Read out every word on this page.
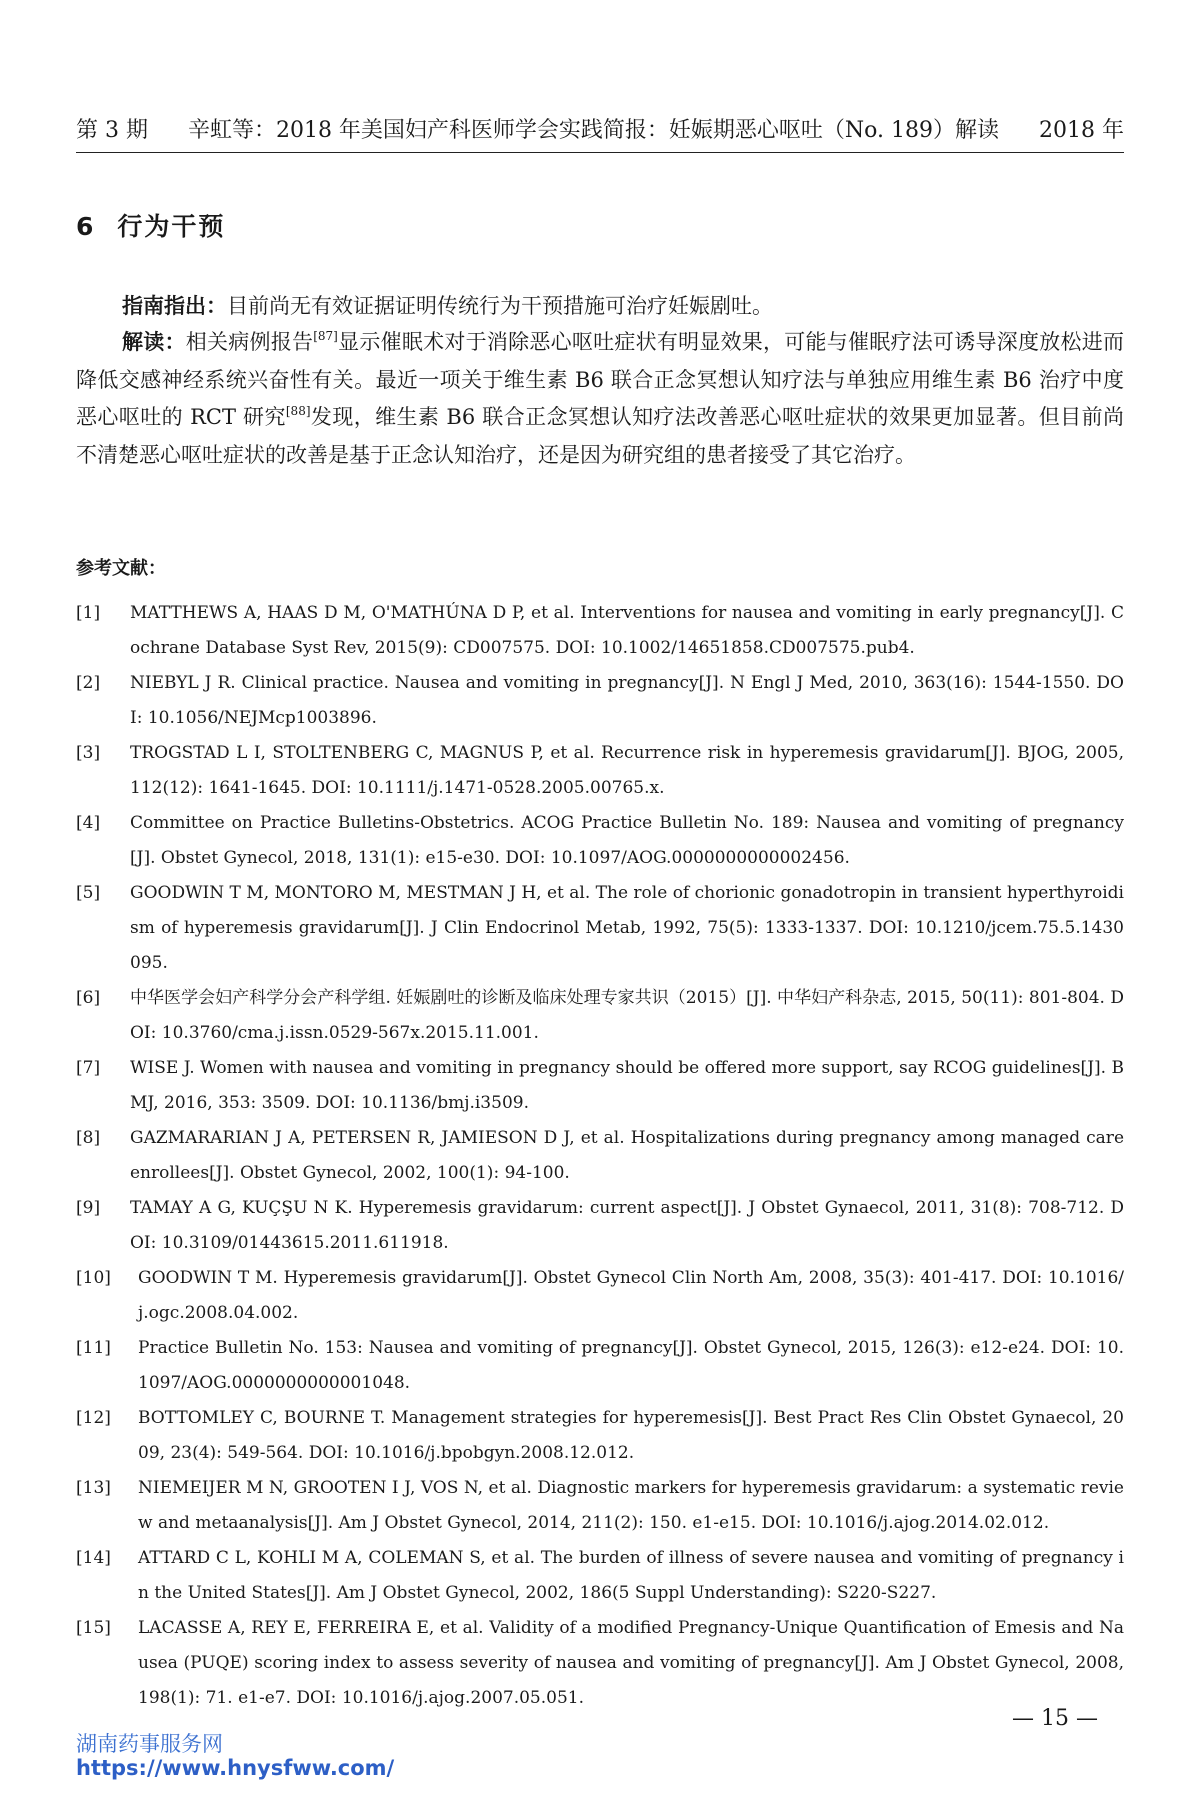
第 3 期 辛虹等：2018 年美国妇产科医师学会实践简报：妊娠期恶心呕吐（No. 189）解读 2018 年
6 行为干预
指南指出：目前尚无有效证据证明传统行为干预措施可治疗妊娠剧吐。
解读：相关病例报告[87]显示催眠术对于消除恶心呕吐症状有明显效果，可能与催眠疗法可诱导深度放松进而降低交感神经系统兴奋性有关。最近一项关于维生素 B6 联合正念冥想认知疗法与单独应用维生素 B6 治疗中度恶心呕吐的 RCT 研究[88]发现，维生素 B6 联合正念冥想认知疗法改善恶心呕吐症状的效果更加显著。但目前尚不清楚恶心呕吐症状的改善是基于正念认知治疗，还是因为研究组的患者接受了其它治疗。
参考文献：
[1]	MATTHEWS A, HAAS D M, O'MATHÚNA D P, et al. Interventions for nausea and vomiting in early pregnancy[J]. Cochrane Database Syst Rev, 2015(9): CD007575. DOI: 10.1002/14651858.CD007575.pub4.
[2]	NIEBYL J R. Clinical practice. Nausea and vomiting in pregnancy[J]. N Engl J Med, 2010, 363(16): 1544-1550. DOI: 10.1056/NEJMcp1003896.
[3]	TROGSTAD L I, STOLTENBERG C, MAGNUS P, et al. Recurrence risk in hyperemesis gravidarum[J]. BJOG, 2005, 112(12): 1641-1645. DOI: 10.1111/j.1471-0528.2005.00765.x.
[4]	Committee on Practice Bulletins-Obstetrics. ACOG Practice Bulletin No. 189: Nausea and vomiting of pregnancy[J]. Obstet Gynecol, 2018, 131(1): e15-e30. DOI: 10.1097/AOG.0000000000002456.
[5]	GOODWIN T M, MONTORO M, MESTMAN J H, et al. The role of chorionic gonadotropin in transient hyperthyroidism of hyperemesis gravidarum[J]. J Clin Endocrinol Metab, 1992, 75(5): 1333-1337. DOI: 10.1210/jcem.75.5.1430095.
[6]	中华医学会妇产科学分会产科学组. 妊娠剧吐的诊断及临床处理专家共识（2015）[J]. 中华妇产科杂志, 2015, 50(11): 801-804. DOI: 10.3760/cma.j.issn.0529-567x.2015.11.001.
[7]	WISE J. Women with nausea and vomiting in pregnancy should be offered more support, say RCOG guidelines[J]. BMJ, 2016, 353: 3509. DOI: 10.1136/bmj.i3509.
[8]	GAZMARARIAN J A, PETERSEN R, JAMIESON D J, et al. Hospitalizations during pregnancy among managed care enrollees[J]. Obstet Gynecol, 2002, 100(1): 94-100.
[9]	TAMAY A G, KUÇŞU N K. Hyperemesis gravidarum: current aspect[J]. J Obstet Gynaecol, 2011, 31(8): 708-712. DOI: 10.3109/01443615.2011.611918.
[10]	GOODWIN T M. Hyperemesis gravidarum[J]. Obstet Gynecol Clin North Am, 2008, 35(3): 401-417. DOI: 10.1016/j.ogc.2008.04.002.
[11]	Practice Bulletin No. 153: Nausea and vomiting of pregnancy[J]. Obstet Gynecol, 2015, 126(3): e12-e24. DOI: 10.1097/AOG.0000000000001048.
[12]	BOTTOMLEY C, BOURNE T. Management strategies for hyperemesis[J]. Best Pract Res Clin Obstet Gynaecol, 2009, 23(4): 549-564. DOI: 10.1016/j.bpobgyn.2008.12.012.
[13]	NIEMEIJER M N, GROOTEN I J, VOS N, et al. Diagnostic markers for hyperemesis gravidarum: a systematic review and metaanalysis[J]. Am J Obstet Gynecol, 2014, 211(2): 150. e1-e15. DOI: 10.1016/j.ajog.2014.02.012.
[14]	ATTARD C L, KOHLI M A, COLEMAN S, et al. The burden of illness of severe nausea and vomiting of pregnancy in the United States[J]. Am J Obstet Gynecol, 2002, 186(5 Suppl Understanding): S220-S227.
[15]	LACASSE A, REY E, FERREIRA E, et al. Validity of a modified Pregnancy-Unique Quantification of Emesis and Nausea (PUQE) scoring index to assess severity of nausea and vomiting of pregnancy[J]. Am J Obstet Gynecol, 2008, 198(1): 71. e1-e7. DOI: 10.1016/j.ajog.2007.05.051.
— 15 —
湖南药事服务网
https://www.hnysfww.com/
